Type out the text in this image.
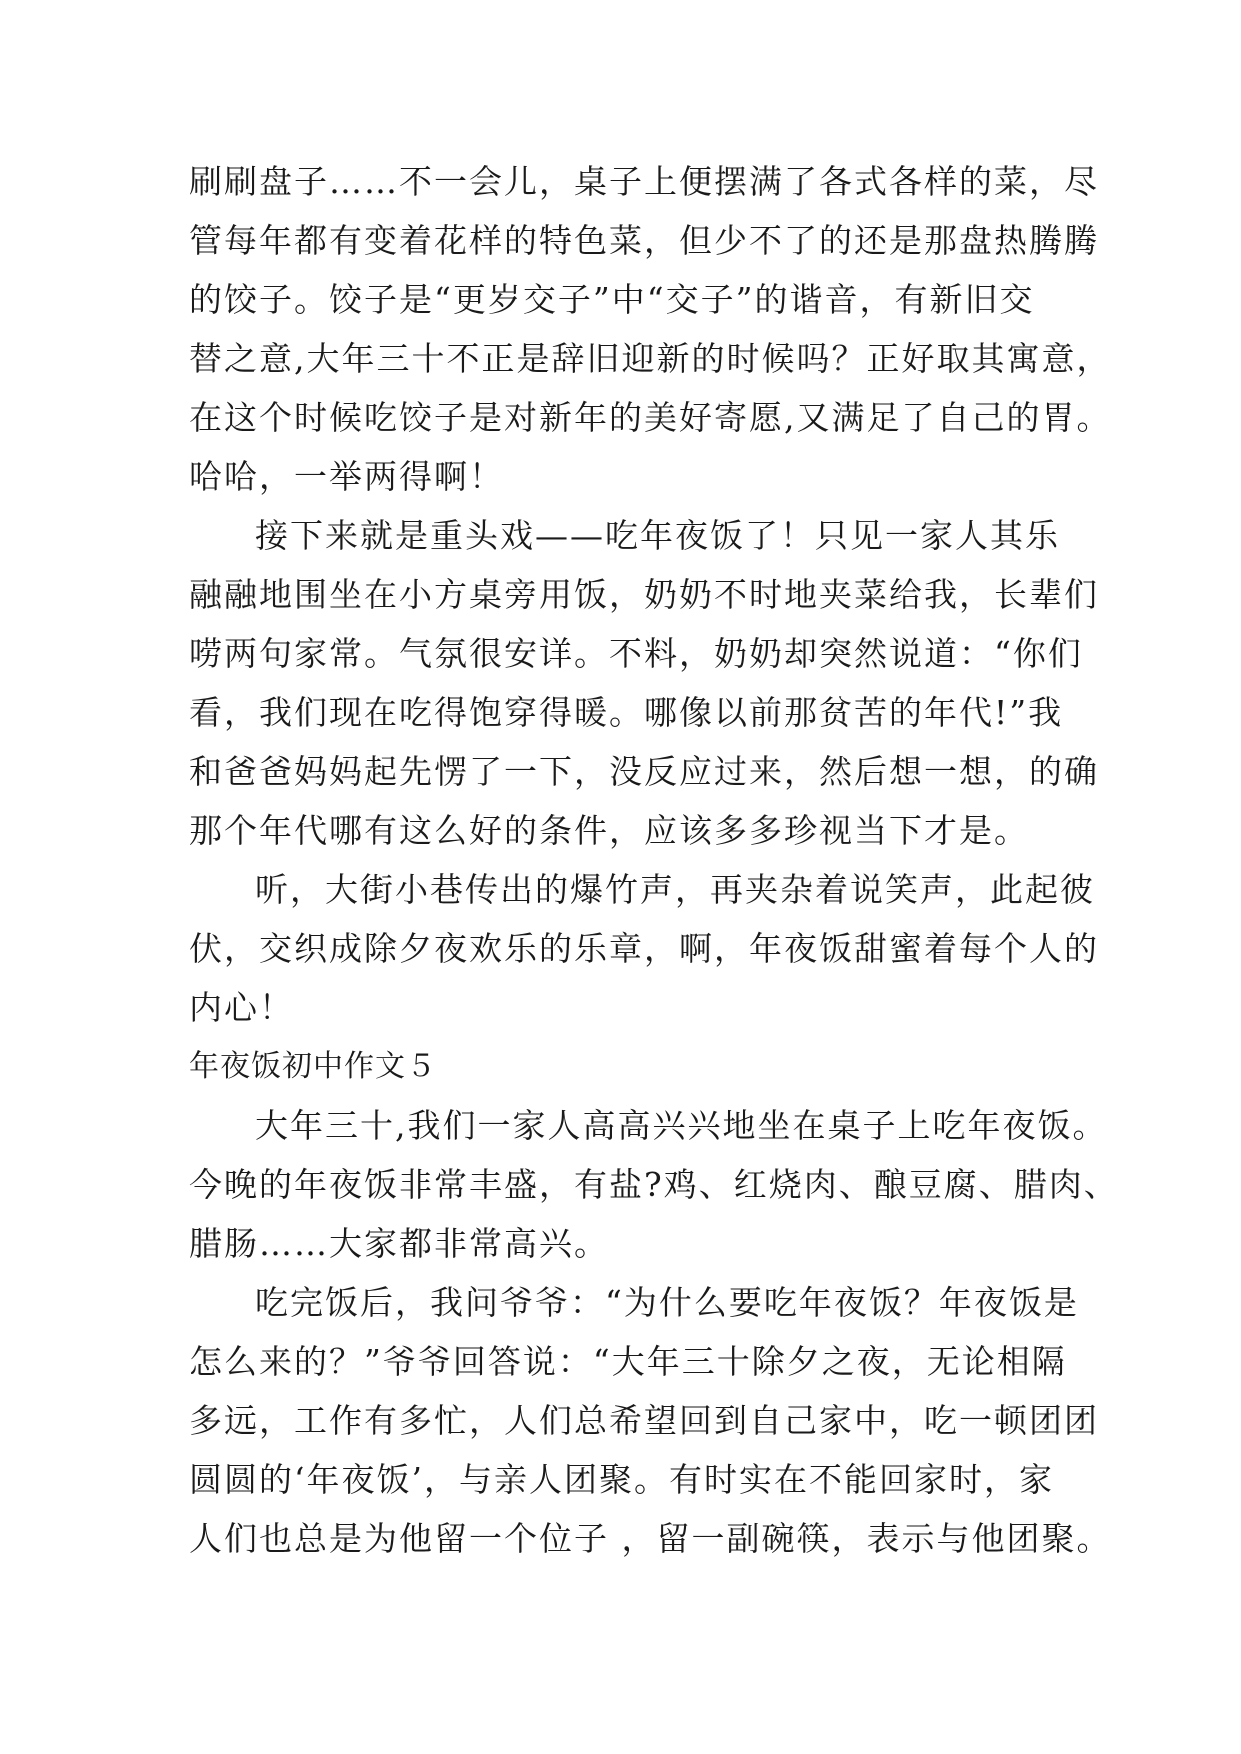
刷刷盘子……不一会儿，桌子上便摆满了各式各样的菜，尽
管每年都有变着花样的特色菜，但少不了的还是那盘热腾腾
的饺子。饺子是“更岁交子”中“交子”的谐音，有新旧交
替之意,大年三十不正是辞旧迎新的时候吗？正好取其寓意，
在这个时候吃饺子是对新年的美好寄愿,又满足了自己的胃。
哈哈，一举两得啊！
接下来就是重头戏——吃年夜饭了！只见一家人其乐
融融地围坐在小方桌旁用饭，奶奶不时地夹菜给我，长辈们
唠两句家常。气氛很安详。不料，奶奶却突然说道：“你们
看，我们现在吃得饱穿得暖。哪像以前那贫苦的年代!”我
和爸爸妈妈起先愣了一下，没反应过来，然后想一想，的确
那个年代哪有这么好的条件，应该多多珍视当下才是。
听，大街小巷传出的爆竹声，再夹杂着说笑声，此起彼
伏，交织成除夕夜欢乐的乐章，啊，年夜饭甜蜜着每个人的
内心！
年夜饭初中作文５
大年三十,我们一家人高高兴兴地坐在桌子上吃年夜饭。
今晚的年夜饭非常丰盛，有盐?鸡、红烧肉、酿豆腐、腊肉、
腊肠……大家都非常高兴。
吃完饭后，我问爷爷：“为什么要吃年夜饭？年夜饭是
怎么来的？”爷爷回答说：“大年三十除夕之夜，无论相隔
多远，工作有多忙，人们总希望回到自己家中，吃一顿团团
圆圆的‘年夜饭’，与亲人团聚。有时实在不能回家时，家
人们也总是为他留一个位子 ，留一副碗筷，表示与他团聚。
